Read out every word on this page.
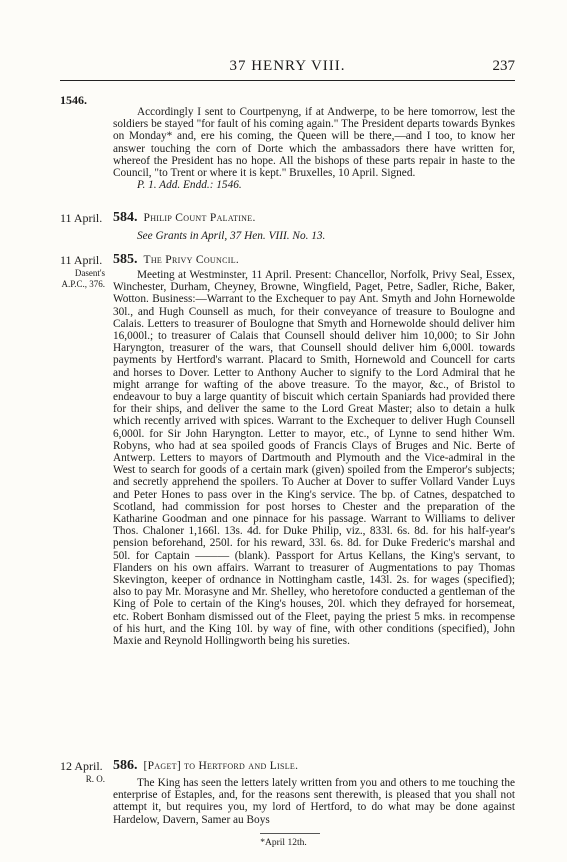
37 HENRY VIII.	237
1546.
Accordingly I sent to Courtpenyng, if at Andwerpe, to be here tomorrow, lest the soldiers be stayed "for fault of his coming again." The President departs towards Bynkes on Monday* and, ere his coming, the Queen will be there,—and I too, to know her answer touching the corn of Dorte which the ambassadors there have written for, whereof the President has no hope. All the bishops of these parts repair in haste to the Council, "to Trent or where it is kept." Bruxelles, 10 April. Signed.
P. 1. Add. Endd.: 1546.
11 April. 584. Philip Count Palatine.
See Grants in April, 37 Hen. VIII. No. 13.
11 April.
Dasent's A.P.C., 376.
585. The Privy Council.
Meeting at Westminster, 11 April. Present: Chancellor, Norfolk, Privy Seal, Essex, Winchester, Durham, Cheyney, Browne, Wingfield, Paget, Petre, Sadler, Riche, Baker, Wotton. Business:—Warrant to the Exchequer to pay Ant. Smyth and John Hornewolde 30l., and Hugh Counsell as much, for their conveyance of treasure to Boulogne and Calais. Letters to treasurer of Boulogne that Smyth and Hornewolde should deliver him 16,000l.; to treasurer of Calais that Counsell should deliver him 10,000; to Sir John Haryngton, treasurer of the wars, that Counsell should deliver him 6,000l. towards payments by Hertford's warrant. Placard to Smith, Hornewold and Councell for carts and horses to Dover. Letter to Anthony Aucher to signify to the Lord Admiral that he might arrange for wafting of the above treasure. To the mayor, &c., of Bristol to endeavour to buy a large quantity of biscuit which certain Spaniards had provided there for their ships, and deliver the same to the Lord Great Master; also to detain a hulk which recently arrived with spices. Warrant to the Exchequer to deliver Hugh Counsell 6,000l. for Sir John Haryngton. Letter to mayor, etc., of Lynne to send hither Wm. Robyns, who had at sea spoiled goods of Francis Clays of Bruges and Nic. Berte of Antwerp. Letters to mayors of Dartmouth and Plymouth and the Vice-admiral in the West to search for goods of a certain mark (given) spoiled from the Emperor's subjects; and secretly apprehend the spoilers. To Aucher at Dover to suffer Vollard Vander Luys and Peter Hones to pass over in the King's service. The bp. of Catnes, despatched to Scotland, had commission for post horses to Chester and the preparation of the Katharine Goodman and one pinnace for his passage. Warrant to Williams to deliver Thos. Chaloner 1,166l. 13s. 4d. for Duke Philip, viz., 833l. 6s. 8d. for his half-year's pension beforehand, 250l. for his reward, 33l. 6s. 8d. for Duke Frederic's marshal and 50l. for Captain ——— (blank). Passport for Artus Kellans, the King's servant, to Flanders on his own affairs. Warrant to treasurer of Augmentations to pay Thomas Skevington, keeper of ordnance in Nottingham castle, 143l. 2s. for wages (specified); also to pay Mr. Morasyne and Mr. Shelley, who heretofore conducted a gentleman of the King of Pole to certain of the King's houses, 20l. which they defrayed for horsemeat, etc. Robert Bonham dismissed out of the Fleet, paying the priest 5 mks. in recompense of his hurt, and the King 10l. by way of fine, with other conditions (specified), John Maxie and Reynold Hollingworth being his sureties.
12 April.
R. O.
586. [Paget] to Hertford and Lisle.
The King has seen the letters lately written from you and others to me touching the enterprise of Estaples, and, for the reasons sent therewith, is pleased that you shall not attempt it, but requires you, my lord of Hertford, to do what may be done against Hardelow, Davern, Samer au Boys
*April 12th.
